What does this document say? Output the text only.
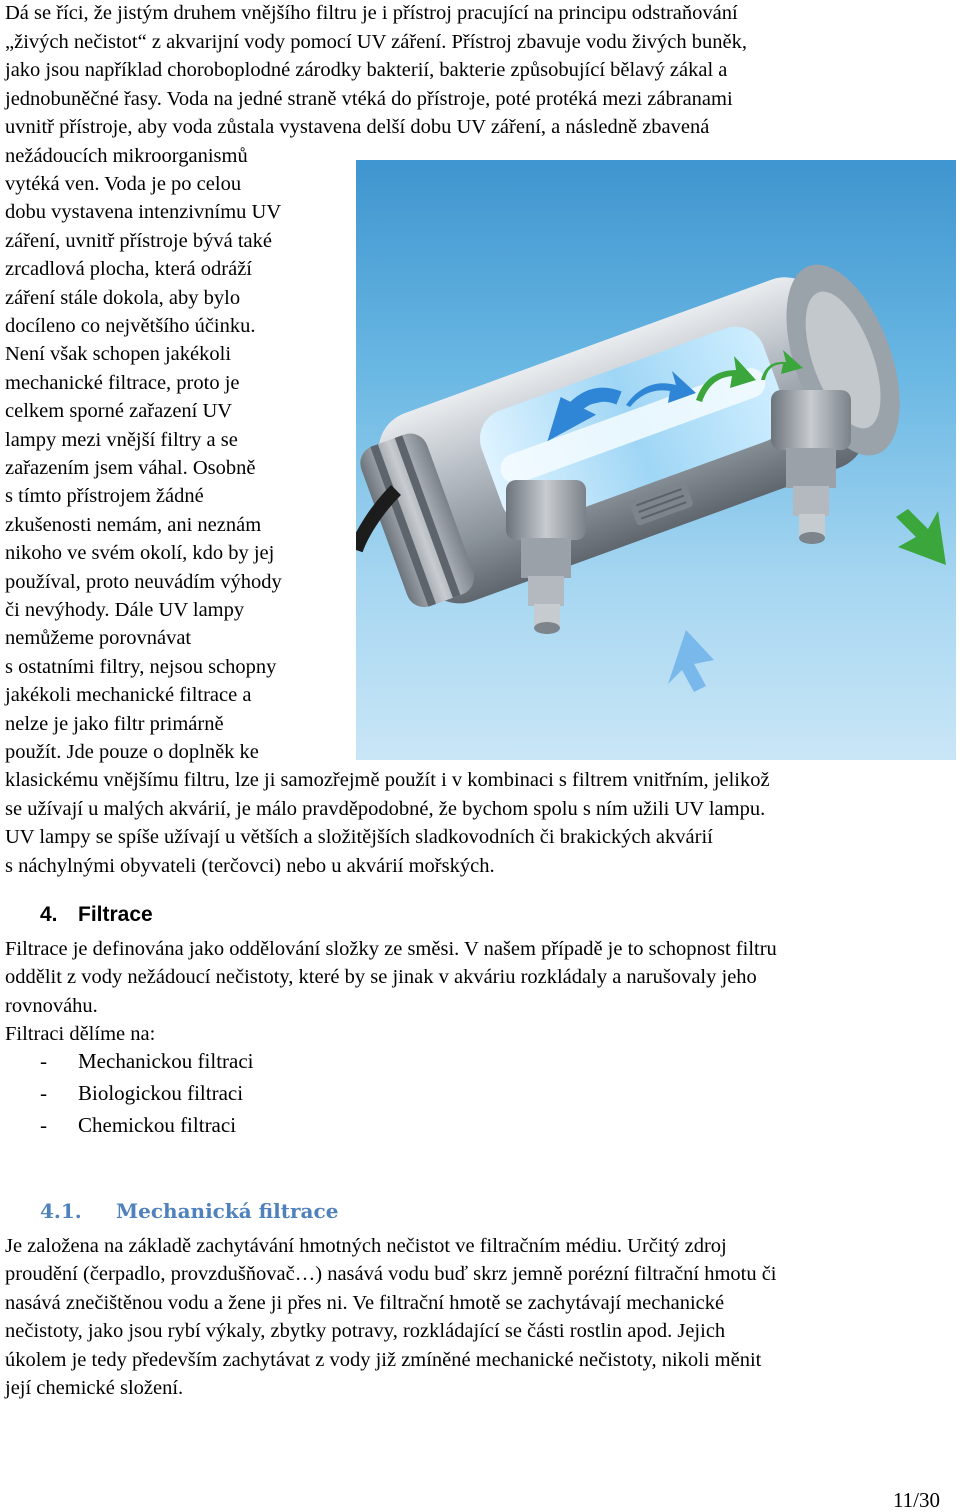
Dá se říci, že jistým druhem vnějšího filtru je i přístroj pracující na principu odstraňování
„živých nečistot“ z akvarijní vody pomocí UV záření. Přístroj zbavuje vodu živých buněk,
jako jsou například choroboplodné zárodky bakterií, bakterie způsobující bělavý zákal a
jednobuněčné řasy. Voda na jedné straně vtéká do přístroje, poté protéká mezi zábranami
uvnitř přístroje, aby voda zůstala vystavena delší dobu UV záření, a následně zbavená
nežádoucích mikroorganismů
vytéká ven. Voda je po celou
dobu vystavena intenzivnímu UV
záření, uvnitř přístroje bývá také
zrcadlová plocha, která odráží
záření stále dokola, aby bylo
docíleno co největšího účinku.
Není však schopen jakékoli
mechanické filtrace, proto je
celkem sporné zařazení UV
lampy mezi vnější filtry a se
zařazením jsem váhal. Osobně
s tímto přístrojem žádné
zkušenosti nemám, ani neznám
nikoho ve svém okolí, kdo by jej
používal, proto neuvádím výhody
či nevýhody. Dále UV lampy
nemůžeme porovnávat
s ostatními filtry, nejsou schopny
jakékoli mechanické filtrace a
nelze je jako filtr primárně
použít. Jde pouze o doplněk ke
klasickému vnějšímu filtru, lze ji samozřejmě použít i v kombinaci s filtrem vnitřním, jelikož
se užívají u malých akvárií, je málo pravděpodobné, že bychom spolu s ním užili UV lampu.
UV lampy se spíše užívají u větších a složitějších sladkovodních či brakických akvárií
s náchylnými obyvateli (terčovci) nebo u akvárií mořských.
4. Filtrace
Filtrace je definována jako oddělování složky ze směsi. V našem případě je to schopnost filtru
oddělit z vody nežádoucí nečistoty, které by se jinak v akváriu rozkládaly a narušovaly jeho
rovnováhu.
Filtraci dělíme na:
- Mechanickou filtraci
- Biologickou filtraci
- Chemickou filtraci
4.1. Mechanická filtrace
Je založena na základě zachytávání hmotných nečistot ve filtračním médiu. Určitý zdroj
proudění (čerpadlo, provzdušňovač…) nasává vodu buď skrz jemně porézní filtrační hmotu či
nasává znečištěnou vodu a žene ji přes ni. Ve filtrační hmotě se zachytávají mechanické
nečistoty, jako jsou rybí výkaly, zbytky potravy, rozkládající se části rostlin apod. Jejich
úkolem je tedy především zachytávat z vody již zmíněné mechanické nečistoty, nikoli měnit
její chemické složení.
11/30
